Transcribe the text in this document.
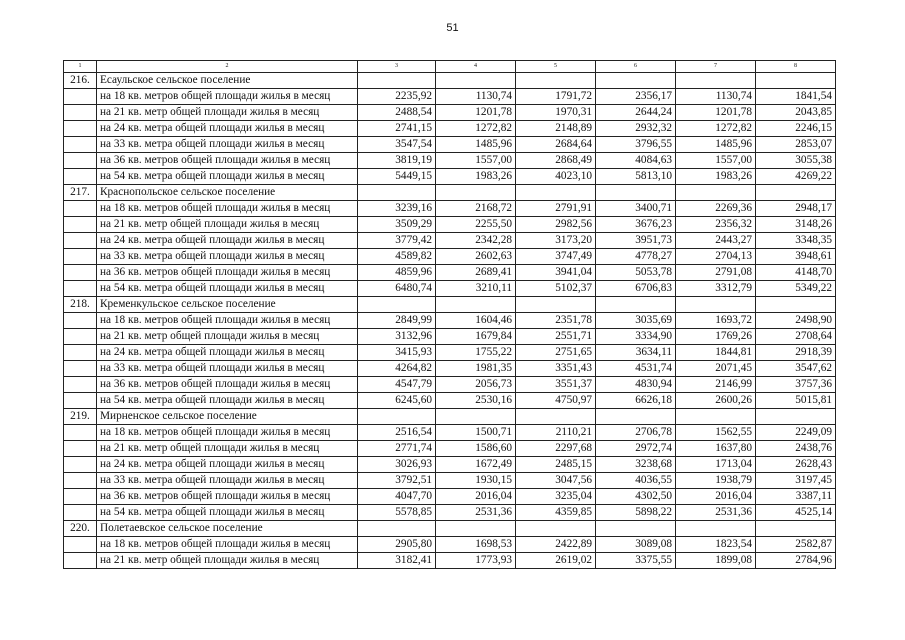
51
1	2	3	4	5	6	7	8
216.	Есаульское сельское поселение						
	на 18 кв. метров общей площади жилья в месяц	2235,92	1130,74	1791,72	2356,17	1130,74	1841,54
	на 21 кв. метр общей площади жилья в месяц	2488,54	1201,78	1970,31	2644,24	1201,78	2043,85
	на 24 кв. метра общей площади жилья в месяц	2741,15	1272,82	2148,89	2932,32	1272,82	2246,15
	на 33 кв. метра общей площади жилья в месяц	3547,54	1485,96	2684,64	3796,55	1485,96	2853,07
	на 36 кв. метров общей площади жилья в месяц	3819,19	1557,00	2868,49	4084,63	1557,00	3055,38
	на 54 кв. метра общей площади жилья в месяц	5449,15	1983,26	4023,10	5813,10	1983,26	4269,22
217.	Краснопольское сельское поселение						
	на 18 кв. метров общей площади жилья в месяц	3239,16	2168,72	2791,91	3400,71	2269,36	2948,17
	на 21 кв. метр общей площади жилья в месяц	3509,29	2255,50	2982,56	3676,23	2356,32	3148,26
	на 24 кв. метра общей площади жилья в месяц	3779,42	2342,28	3173,20	3951,73	2443,27	3348,35
	на 33 кв. метра общей площади жилья в месяц	4589,82	2602,63	3747,49	4778,27	2704,13	3948,61
	на 36 кв. метров общей площади жилья в месяц	4859,96	2689,41	3941,04	5053,78	2791,08	4148,70
	на 54 кв. метра общей площади жилья в месяц	6480,74	3210,11	5102,37	6706,83	3312,79	5349,22
218.	Кременкульское сельское поселение						
	на 18 кв. метров общей площади жилья в месяц	2849,99	1604,46	2351,78	3035,69	1693,72	2498,90
	на 21 кв. метр общей площади жилья в месяц	3132,96	1679,84	2551,71	3334,90	1769,26	2708,64
	на 24 кв. метра общей площади жилья в месяц	3415,93	1755,22	2751,65	3634,11	1844,81	2918,39
	на 33 кв. метра общей площади жилья в месяц	4264,82	1981,35	3351,43	4531,74	2071,45	3547,62
	на 36 кв. метров общей площади жилья в месяц	4547,79	2056,73	3551,37	4830,94	2146,99	3757,36
	на 54 кв. метра общей площади жилья в месяц	6245,60	2530,16	4750,97	6626,18	2600,26	5015,81
219.	Мирненское сельское поселение						
	на 18 кв. метров общей площади жилья в месяц	2516,54	1500,71	2110,21	2706,78	1562,55	2249,09
	на 21 кв. метр общей площади жилья в месяц	2771,74	1586,60	2297,68	2972,74	1637,80	2438,76
	на 24 кв. метра общей площади жилья в месяц	3026,93	1672,49	2485,15	3238,68	1713,04	2628,43
	на 33 кв. метра общей площади жилья в месяц	3792,51	1930,15	3047,56	4036,55	1938,79	3197,45
	на 36 кв. метров общей площади жилья в месяц	4047,70	2016,04	3235,04	4302,50	2016,04	3387,11
	на 54 кв. метра общей площади жилья в месяц	5578,85	2531,36	4359,85	5898,22	2531,36	4525,14
220.	Полетаевское сельское поселение						
	на 18 кв. метров общей площади жилья в месяц	2905,80	1698,53	2422,89	3089,08	1823,54	2582,87
	на 21 кв. метр общей площади жилья в месяц	3182,41	1773,93	2619,02	3375,55	1899,08	2784,96
